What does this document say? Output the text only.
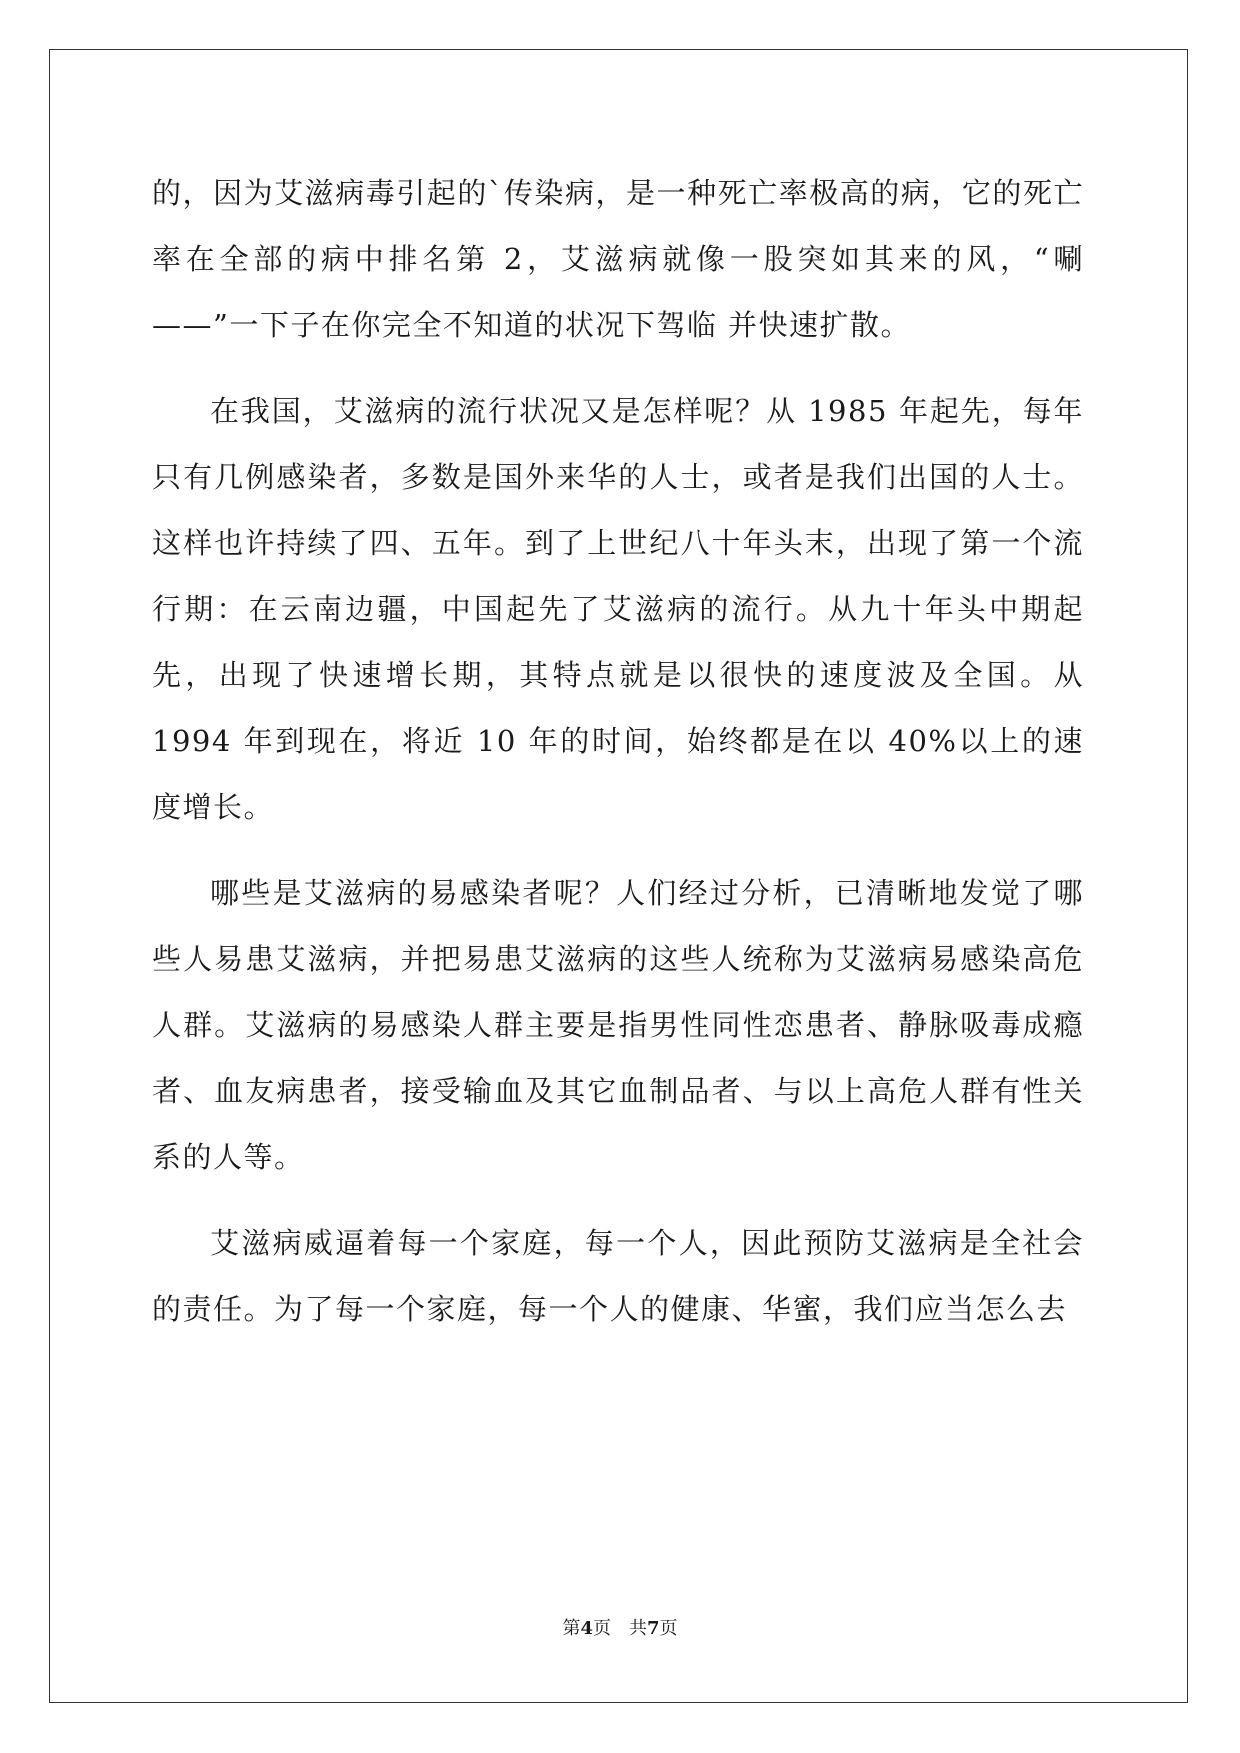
的，因为艾滋病毒引起的`传染病，是一种死亡率极高的病，它的死亡率在全部的病中排名第 2，艾滋病就像一股突如其来的风，“唰——”一下子在你完全不知道的状况下驾临 并快速扩散。

在我国，艾滋病的流行状况又是怎样呢？从 1985 年起先，每年只有几例感染者，多数是国外来华的人士，或者是我们出国的人士。这样也许持续了四、五年。到了上世纪八十年头末，出现了第一个流行期：在云南边疆，中国起先了艾滋病的流行。从九十年头中期起先，出现了快速增长期，其特点就是以很快的速度波及全国。从 1994 年到现在，将近 10 年的时间，始终都是在以 40%以上的速度增长。

哪些是艾滋病的易感染者呢？人们经过分析，已清晰地发觉了哪些人易患艾滋病，并把易患艾滋病的这些人统称为艾滋病易感染高危人群。艾滋病的易感染人群主要是指男性同性恋患者、静脉吸毒成瘾者、血友病患者，接受输血及其它血制品者、与以上高危人群有性关系的人等。

艾滋病威逼着每一个家庭，每一个人，因此预防艾滋病是全社会的责任。为了每一个家庭，每一个人的健康、华蜜，我们应当怎么去

第4页 共7页
